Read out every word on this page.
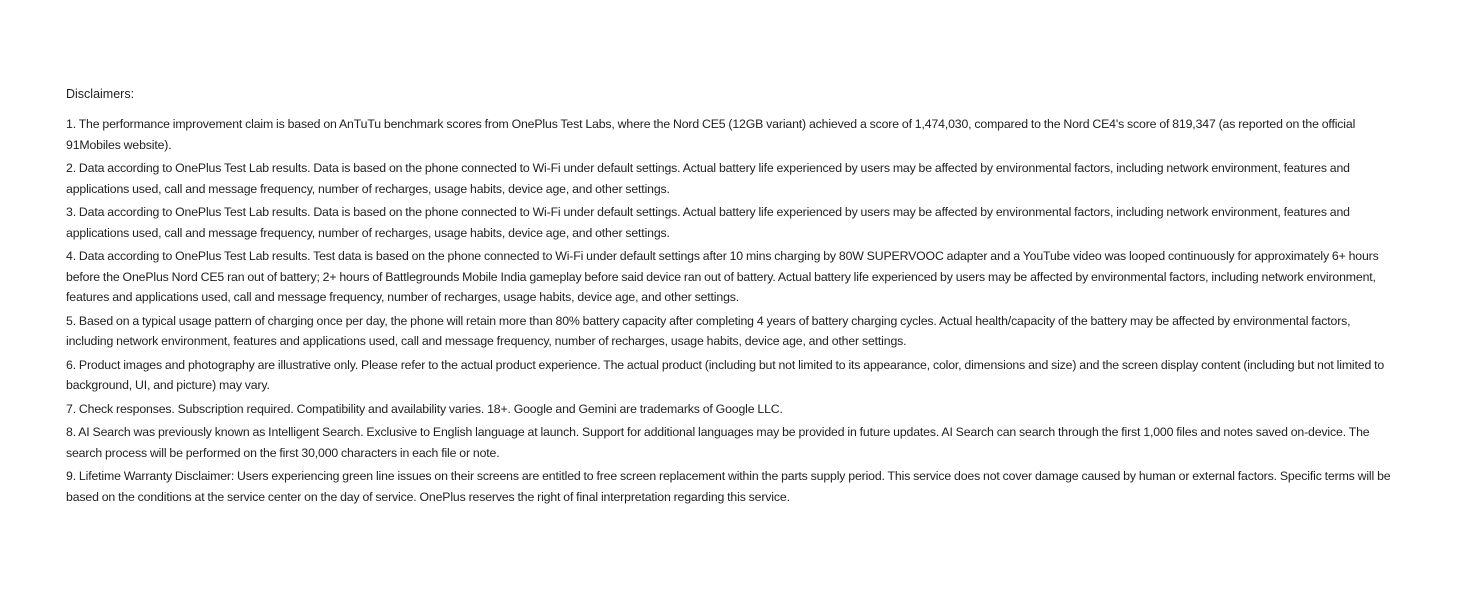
Disclaimers:
1. The performance improvement claim is based on AnTuTu benchmark scores from OnePlus Test Labs, where the Nord CE5 (12GB variant) achieved a score of 1,474,030, compared to the Nord CE4's score of 819,347 (as reported on the official 91Mobiles website).
2. Data according to OnePlus Test Lab results. Data is based on the phone connected to Wi-Fi under default settings. Actual battery life experienced by users may be affected by environmental factors, including network environment, features and applications used, call and message frequency, number of recharges, usage habits, device age, and other settings.
3. Data according to OnePlus Test Lab results. Data is based on the phone connected to Wi-Fi under default settings. Actual battery life experienced by users may be affected by environmental factors, including network environment, features and applications used, call and message frequency, number of recharges, usage habits, device age, and other settings.
4. Data according to OnePlus Test Lab results. Test data is based on the phone connected to Wi-Fi under default settings after 10 mins charging by 80W SUPERVOOC adapter and a YouTube video was looped continuously for approximately 6+ hours before the OnePlus Nord CE5 ran out of battery; 2+ hours of Battlegrounds Mobile India gameplay before said device ran out of battery. Actual battery life experienced by users may be affected by environmental factors, including network environment, features and applications used, call and message frequency, number of recharges, usage habits, device age, and other settings.
5. Based on a typical usage pattern of charging once per day, the phone will retain more than 80% battery capacity after completing 4 years of battery charging cycles. Actual health/capacity of the battery may be affected by environmental factors, including network environment, features and applications used, call and message frequency, number of recharges, usage habits, device age, and other settings.
6. Product images and photography are illustrative only. Please refer to the actual product experience. The actual product (including but not limited to its appearance, color, dimensions and size) and the screen display content (including but not limited to background, UI, and picture) may vary.
7. Check responses. Subscription required. Compatibility and availability varies. 18+. Google and Gemini are trademarks of Google LLC.
8. AI Search was previously known as Intelligent Search. Exclusive to English language at launch. Support for additional languages may be provided in future updates. AI Search can search through the first 1,000 files and notes saved on-device. The search process will be performed on the first 30,000 characters in each file or note.
9. Lifetime Warranty Disclaimer: Users experiencing green line issues on their screens are entitled to free screen replacement within the parts supply period. This service does not cover damage caused by human or external factors. Specific terms will be based on the conditions at the service center on the day of service. OnePlus reserves the right of final interpretation regarding this service.
